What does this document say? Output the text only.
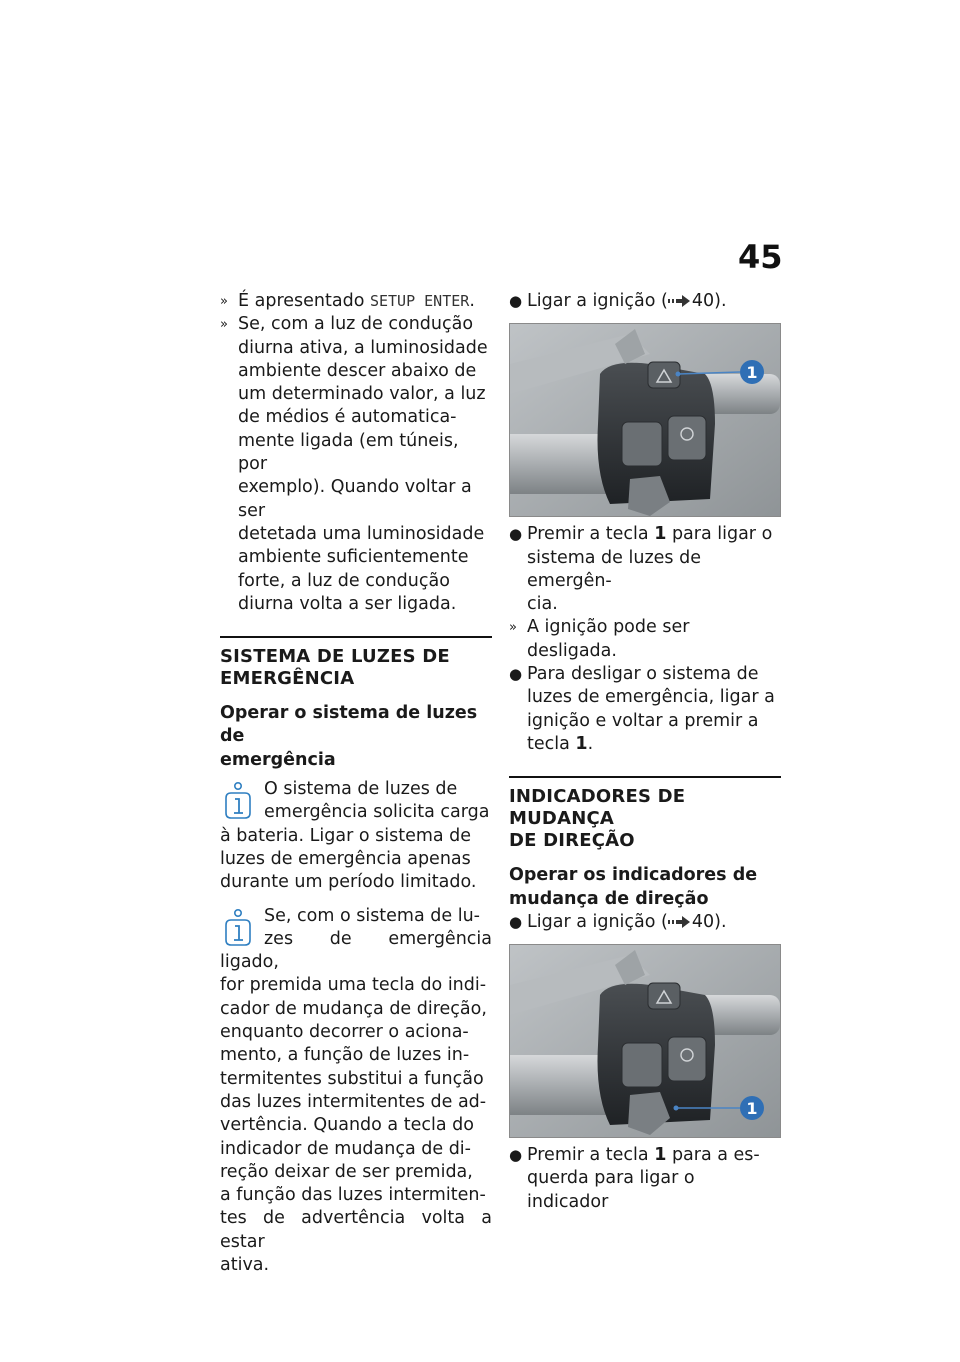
45
» É apresentado SETUP ENTER.
» Se, com a luz de condução
diurna ativa, a luminosidade
ambiente descer abaixo de
um determinado valor, a luz
de médios é automatica-
mente ligada (em túneis, por
exemplo). Quando voltar a ser
detetada uma luminosidade
ambiente suficientemente
forte, a luz de condução
diurna volta a ser ligada.
SISTEMA DE LUZES DE
EMERGÊNCIA
Operar o sistema de luzes de
emergência
O sistema de luzes de
emergência solicita carga
à bateria. Ligar o sistema de
luzes de emergência apenas
durante um período limitado.
Se, com o sistema de lu-
zes de emergência ligado,
for premida uma tecla do indi-
cador de mudança de direção,
enquanto decorrer o aciona-
mento, a função de luzes in-
termitentes substitui a função
das luzes intermitentes de ad-
vertência. Quando a tecla do
indicador de mudança de di-
reção deixar de ser premida,
a função das luzes intermiten-
tes de advertência volta a estar
ativa.
● Ligar a ignição ( 40).
1
● Premir a tecla 1 para ligar o
sistema de luzes de emergên-
cia.
» A ignição pode ser desligada.
● Para desligar o sistema de
luzes de emergência, ligar a
ignição e voltar a premir a
tecla 1.
INDICADORES DE MUDANÇA
DE DIREÇÃO
Operar os indicadores de
mudança de direção
● Ligar a ignição ( 40).
1
● Premir a tecla 1 para a es-
querda para ligar o indicador
